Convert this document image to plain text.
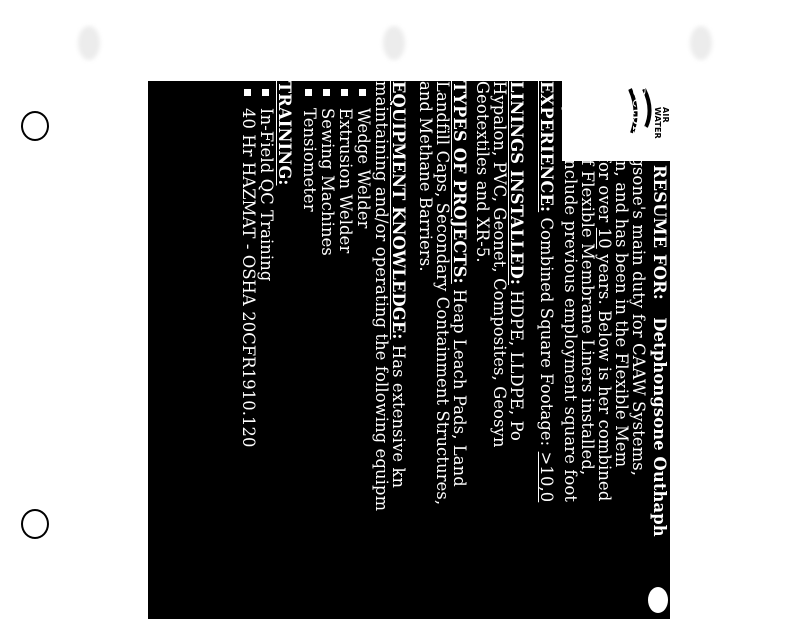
AIR
WATER
RESUME FOR:   Detphongsone Outhaph
Detphongsone's main duty for CAAW Systems,
Technician, and has been in the Flexible Mem
industry for over 10 years. Below is her combined
footage of Flexible Membrane Liners installed,
may not include previous employment square foot
EXPERIENCE: Combined Square Footage: >10,0
LININGS INSTALLED: HDPE, LLDPE, Po
Hypalon, PVC, Geonet, Composites, Geosyn
Geotextiles and XR-5.
TYPES OF PROJECTS: Heap Leach Pads, Land
Landfill Caps, Secondary Containment Structures,
and Methane Barriers.
EQUIPMENT KNOWLEDGE: Has extensive kn
maintaining and/or operating the following equipm
Wedge Welder
Extrusion Welder
Sewing Machines
Tensiometer
TRAINING:
In-Field QC Training
40 Hr HAZMAT - OSHA 20CFR1910.120
